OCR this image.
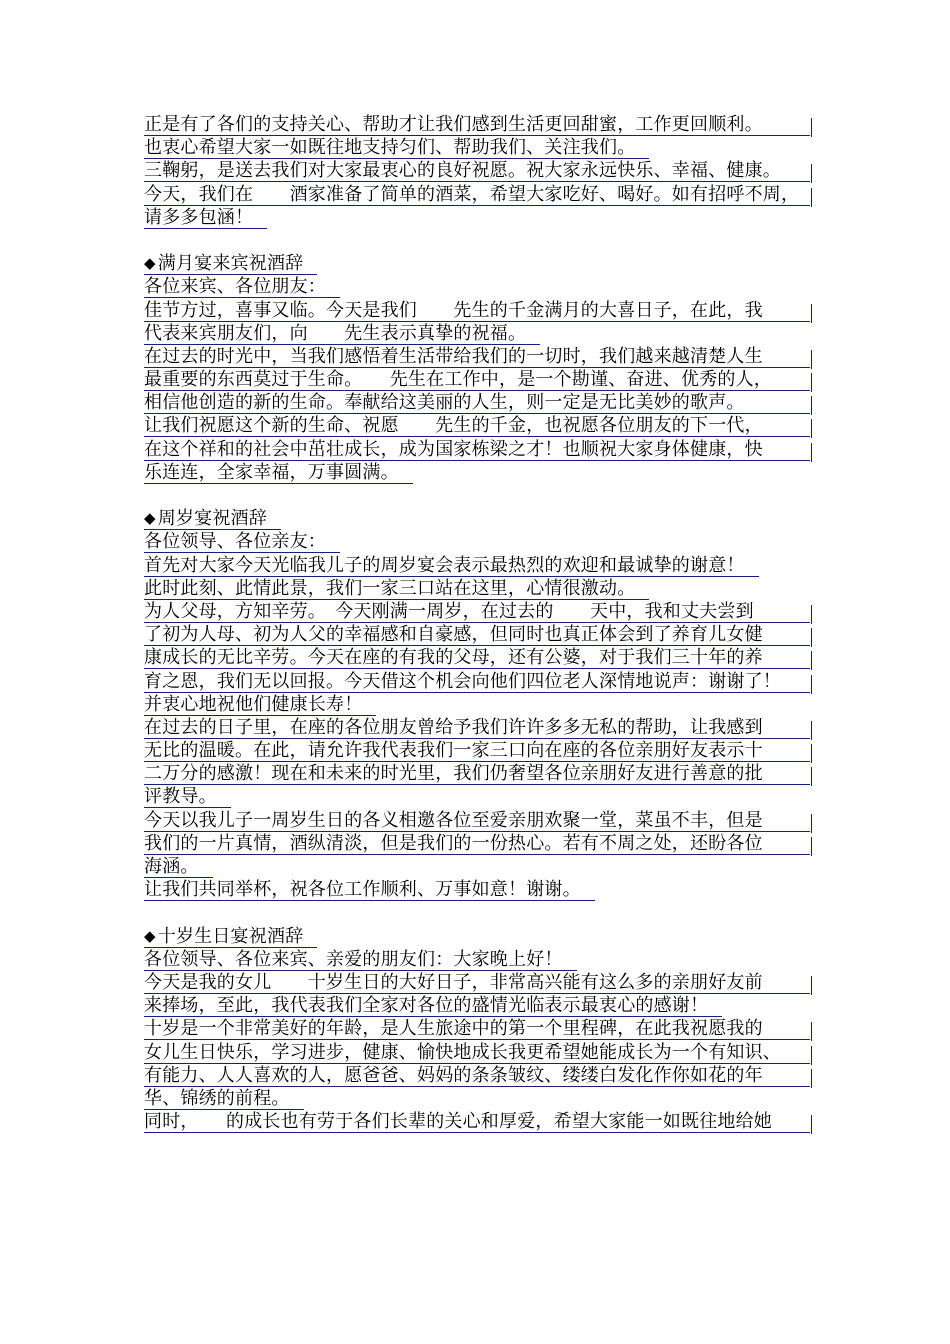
正是有了各们的支持关心、帮助才让我们感到生活更回甜蜜，工作更回顺利。
也衷心希望大家一如既往地支持匀们、帮助我们、关注我们。
三鞠躬，是送去我们对大家最衷心的良好祝愿。祝大家永远快乐、幸福、健康。
今天，我们在　　酒家准备了简单的酒菜，希望大家吃好、喝好。如有招呼不周，
请多多包涵！
◆ 满月宴来宾祝酒辞
各位来宾、各位朋友：
佳节方过，喜事又临。今天是我们　　先生的千金满月的大喜日子，在此，我
代表来宾朋友们，向　　先生表示真挚的祝福。
在过去的时光中，当我们感悟着生活带给我们的一切时，我们越来越清楚人生
最重要的东西莫过于生命。　　先生在工作中，是一个勘谨、奋进、优秀的人，
相信他创造的新的生命。奉献给这美丽的人生，则一定是无比美妙的歌声。
让我们祝愿这个新的生命、祝愿　　先生的千金，也祝愿各位朋友的下一代，
在这个祥和的社会中茁壮成长，成为国家栋梁之才！也顺祝大家身体健康，快
乐连连，全家幸福，万事圆满。
◆ 周岁宴祝酒辞
各位领导、各位亲友：
首先对大家今天光临我儿子的周岁宴会表示最热烈的欢迎和最诚挚的谢意！
此时此刻、此情此景，我们一家三口站在这里，心情很激动。
为人父母，方知辛劳。　今天刚满一周岁，在过去的　　天中，我和丈夫尝到
了初为人母、初为人父的幸福感和自豪感，但同时也真正体会到了养育儿女健
康成长的无比辛劳。今天在座的有我的父母，还有公婆，对于我们三十年的养
育之恩，我们无以回报。今天借这个机会向他们四位老人深情地说声：谢谢了！
并衷心地祝他们健康长寿！
在过去的日子里，在座的各位朋友曾给予我们许许多多无私的帮助，让我感到
无比的温暖。在此，请允许我代表我们一家三口向在座的各位亲朋好友表示十
二万分的感激！现在和未来的时光里，我们仍奢望各位亲朋好友进行善意的批
评教导。
今天以我儿子一周岁生日的各义相邀各位至爱亲朋欢聚一堂，菜虽不丰，但是
我们的一片真情，酒纵清淡，但是我们的一份热心。若有不周之处，还盼各位
海涵。
让我们共同举杯，祝各位工作顺利、万事如意！谢谢。
◆ 十岁生日宴祝酒辞
各位领导、各位来宾、亲爱的朋友们：大家晚上好！
今天是我的女儿　　十岁生日的大好日子，非常高兴能有这么多的亲朋好友前
来捧场，至此，我代表我们全家对各位的盛情光临表示最衷心的感谢！
十岁是一个非常美好的年龄，是人生旅途中的第一个里程碑，在此我祝愿我的
女儿生日快乐，学习进步，健康、愉快地成长我更希望她能成长为一个有知识、
有能力、人人喜欢的人，愿爸爸、妈妈的条条皱纹、缕缕白发化作你如花的年
华、锦绣的前程。
同时，　　的成长也有劳于各们长辈的关心和厚爱，希望大家能一如既往地给她
